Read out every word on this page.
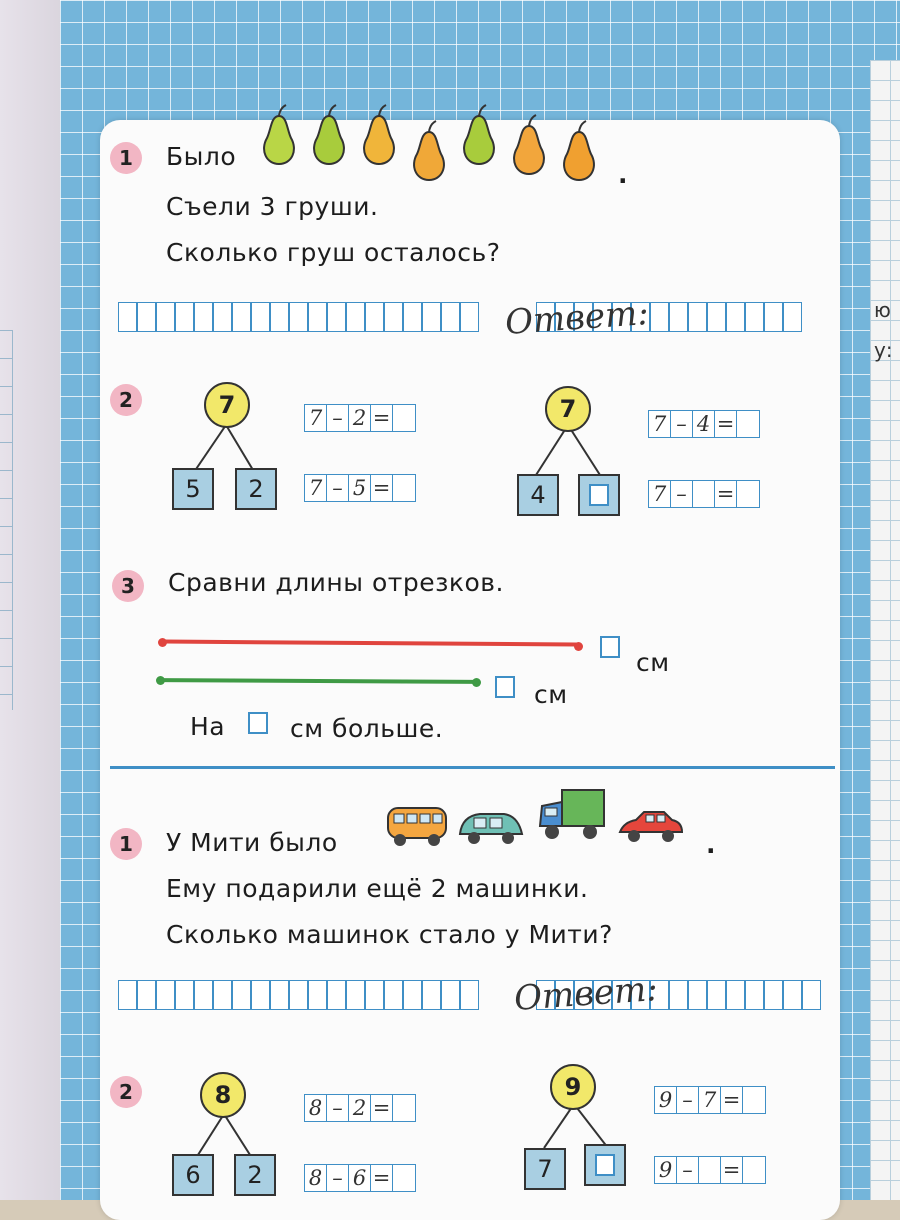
ю
у:
1	Было
.
Съели 3 груши.
Сколько груш осталось?
Ответ:
2	7
5	2
7 – 2 =
7 – 5 =
7
4
7 – 4 =
7 – =
3	Сравни длины отрезков.
см
см
На	см больше.
1	У Мити было	.
Ему подарили ещё 2 машинки.
Сколько машинок стало у Мити?
Ответ:
2	8
6	2
8 – 2 =
8 – 6 =
9
7
9 – 7 =
9 – =
